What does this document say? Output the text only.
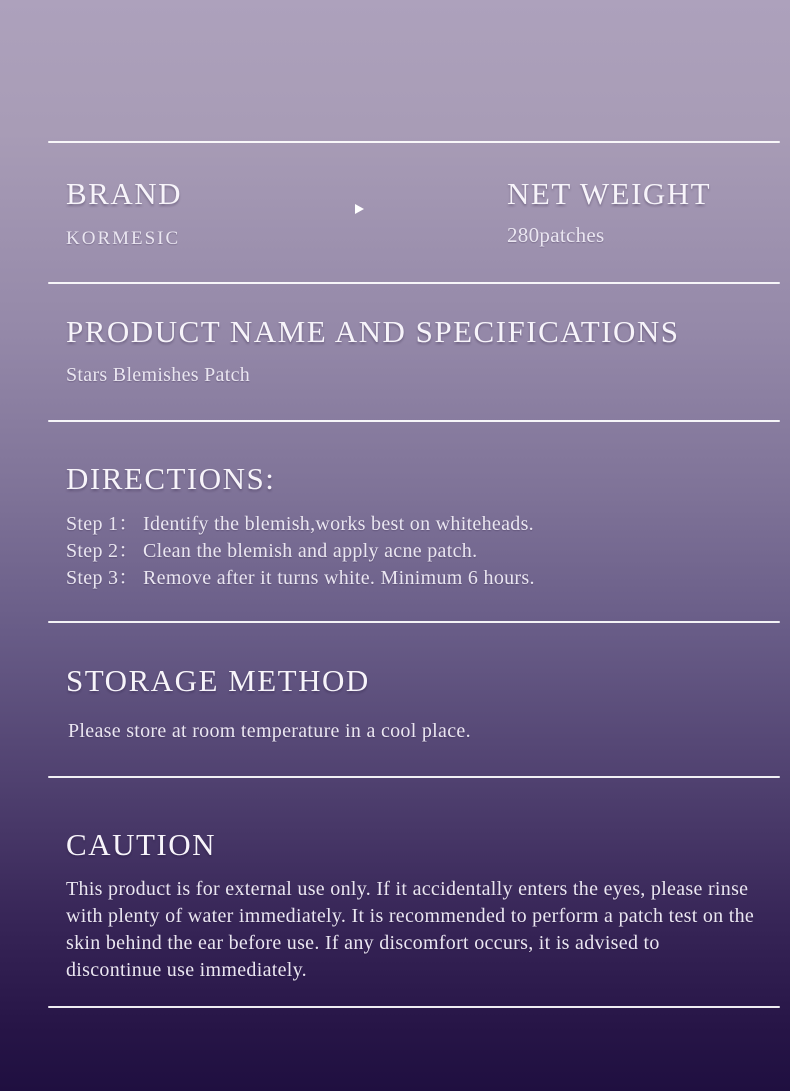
BRAND

KORMESIC

NET WEIGHT

280patches

PRODUCT NAME AND SPECIFICATIONS

Stars Blemishes Patch

DIRECTIONS:
Step 1： Identify the blemish,works best on whiteheads.
Step 2： Clean the blemish and apply acne patch.
Step 3： Remove after it turns white. Minimum 6 hours.
STORAGE METHOD

Please store at room temperature in a cool place.

CAUTION

This product is for external use only. If it accidentally enters the eyes, please rinse with plenty of water immediately. It is recommended to perform a patch test on the skin behind the ear before use. If any discomfort occurs, it is advised to discontinue use immediately.
